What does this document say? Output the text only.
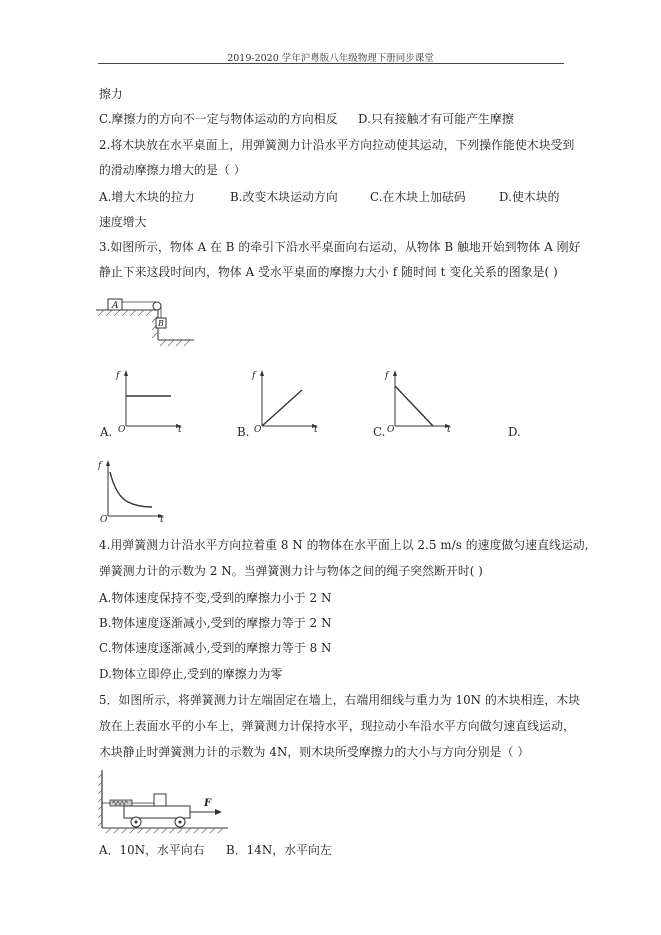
2019-2020 学年沪粤版八年级物理下册同步课堂
擦力
C.摩擦力的方向不一定与物体运动的方向相反 D.只有接触才有可能产生摩擦
2.将木块放在水平桌面上，用弹簧测力计沿水平方向拉动使其运动，下列操作能使木块受到
的滑动摩擦力增大的是（ ）
A.增大木块的拉力	B.改变木块运动方向	C.在木块上加砝码	D.使木块的
速度增大
3.如图所示，物体 A 在 B 的牵引下沿水平桌面向右运动，从物体 B 触地开始到物体 A 刚好
静止下来这段时间内，物体 A 受水平桌面的摩擦力大小 f 随时间 t 变化关系的图象是( )
A
B
f
t
O
A.
f
t
O
B.
f
t
O
C.	D.
f
t
O
4.用弹簧测力计沿水平方向拉着重 8 N 的物体在水平面上以 2.5 m/s 的速度做匀速直线运动,
弹簧测力计的示数为 2 N。当弹簧测力计与物体之间的绳子突然断开时( )
A.物体速度保持不变,受到的摩擦力小于 2 N
B.物体速度逐渐减小,受到的摩擦力等于 2 N
C.物体速度逐渐减小,受到的摩擦力等于 8 N
D.物体立即停止,受到的摩擦力为零
5．如图所示，将弹簧测力计左端固定在墙上，右端用细线与重力为 10N 的木块相连，木块
放在上表面水平的小车上，弹簧测力计保持水平，现拉动小车沿水平方向做匀速直线运动，
木块静止时弹簧测力计的示数为 4N，则木块所受摩擦力的大小与方向分别是（ ）
F
A．10N，水平向右 B．14N，水平向左
